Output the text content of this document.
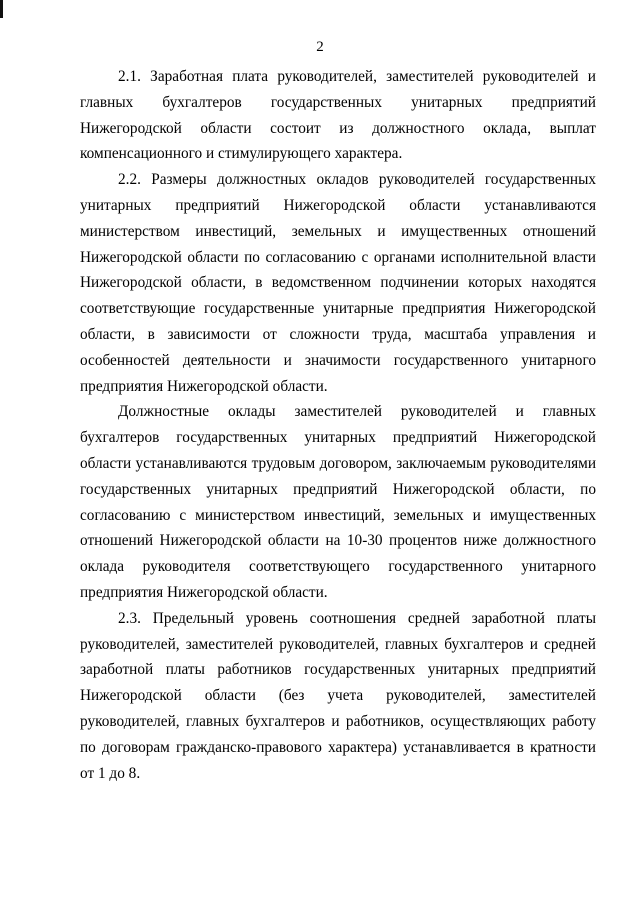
2

2.1. Заработная плата руководителей, заместителей руководителей и главных бухгалтеров государственных унитарных предприятий Нижегородской области состоит из должностного оклада, выплат компенсационного и стимулирующего характера.

2.2. Размеры должностных окладов руководителей государственных унитарных предприятий Нижегородской области устанавливаются министерством инвестиций, земельных и имущественных отношений Нижегородской области по согласованию с органами исполнительной власти Нижегородской области, в ведомственном подчинении которых находятся соответствующие государственные унитарные предприятия Нижегородской области, в зависимости от сложности труда, масштаба управления и особенностей деятельности и значимости государственного унитарного предприятия Нижегородской области.

Должностные оклады заместителей руководителей и главных бухгалтеров государственных унитарных предприятий Нижегородской области устанавливаются трудовым договором, заключаемым руководителями государственных унитарных предприятий Нижегородской области, по согласованию с министерством инвестиций, земельных и имущественных отношений Нижегородской области на 10-30 процентов ниже должностного оклада руководителя соответствующего государственного унитарного предприятия Нижегородской области.

2.3. Предельный уровень соотношения средней заработной платы руководителей, заместителей руководителей, главных бухгалтеров и средней заработной платы работников государственных унитарных предприятий Нижегородской области (без учета руководителей, заместителей руководителей, главных бухгалтеров и работников, осуществляющих работу по договорам гражданско-правового характера) устанавливается в кратности от 1 до 8.
